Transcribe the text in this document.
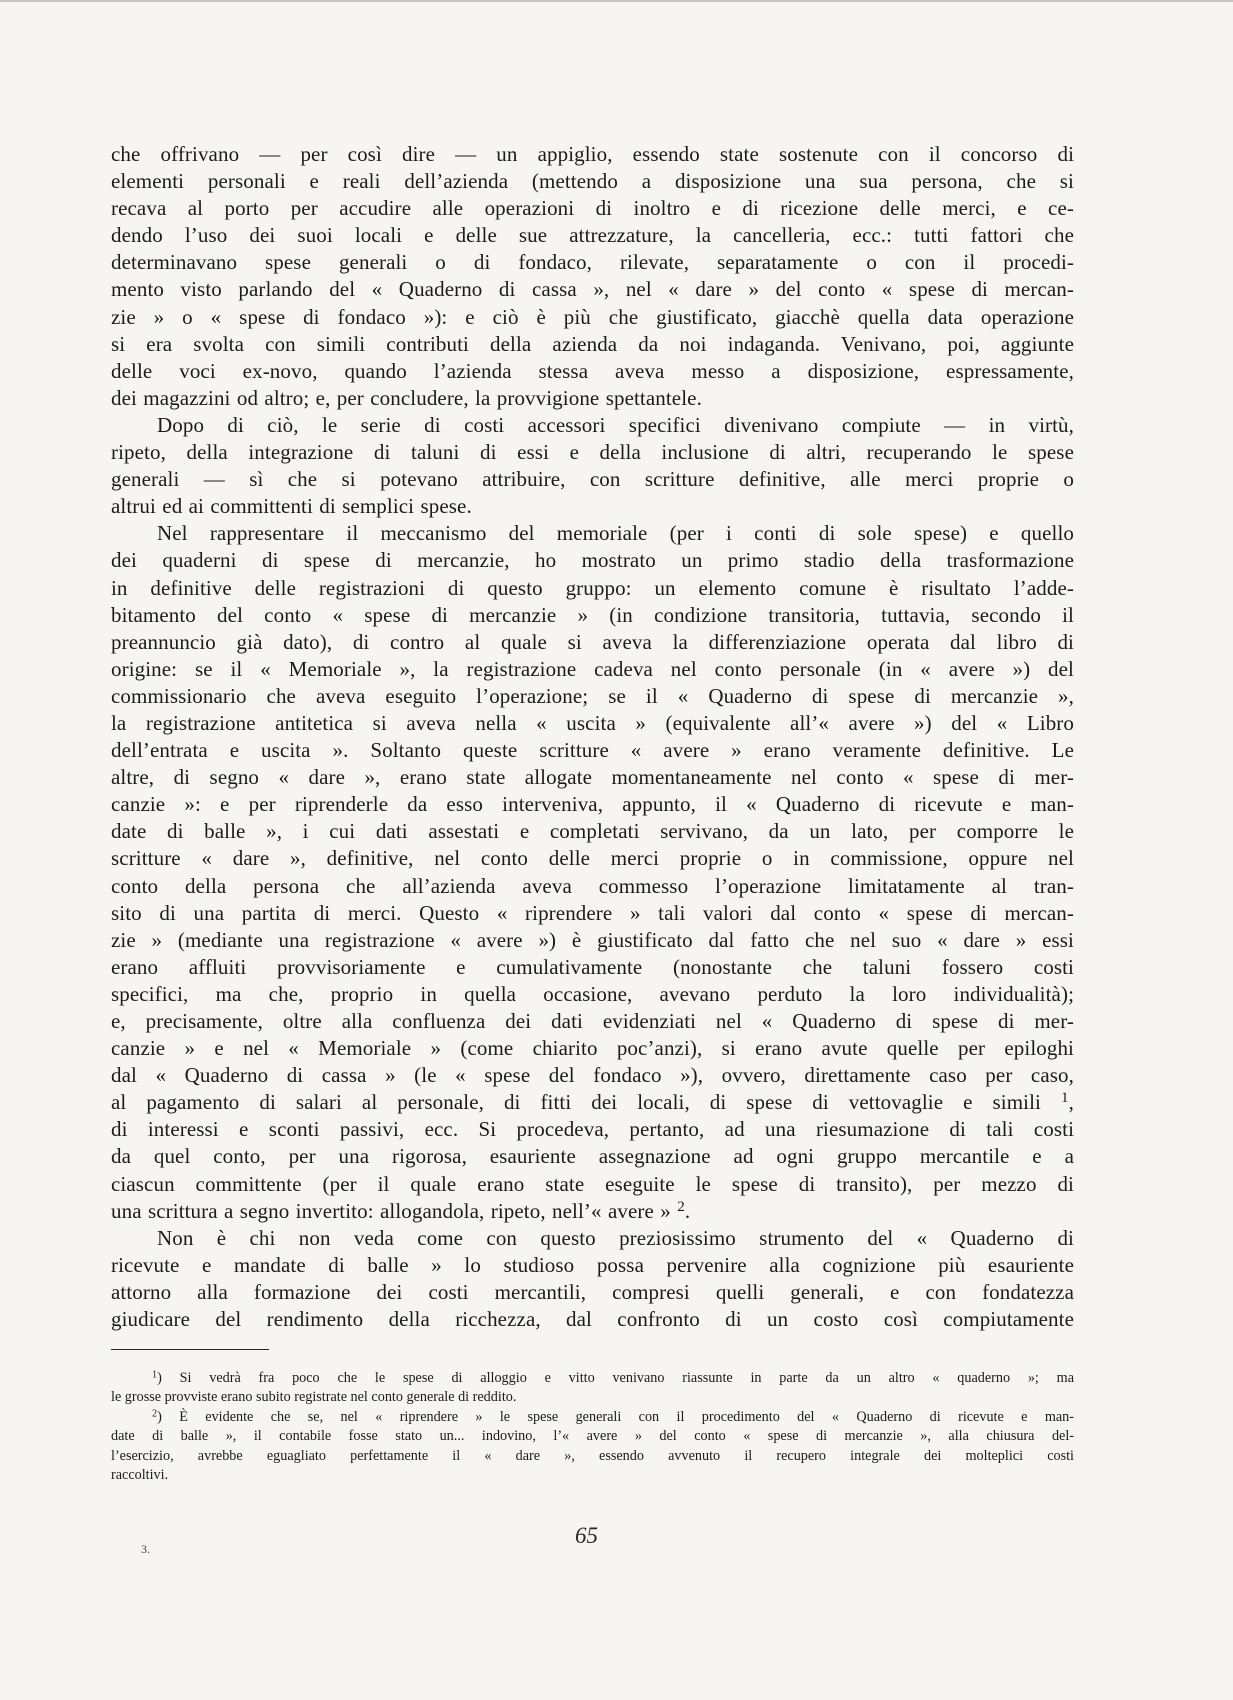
che offrivano — per così dire — un appiglio, essendo state sostenute con il concorso di
elementi personali e reali dell’azienda (mettendo a disposizione una sua persona, che si
recava al porto per accudire alle operazioni di inoltro e di ricezione delle merci, e ce-
dendo l’uso dei suoi locali e delle sue attrezzature, la cancelleria, ecc.: tutti fattori che
determinavano spese generali o di fondaco, rilevate, separatamente o con il procedi-
mento visto parlando del « Quaderno di cassa », nel « dare » del conto « spese di mercan-
zie » o « spese di fondaco »): e ciò è più che giustificato, giacchè quella data operazione
si era svolta con simili contributi della azienda da noi indaganda. Venivano, poi, aggiunte
delle voci ex-novo, quando l’azienda stessa aveva messo a disposizione, espressamente,
dei magazzini od altro; e, per concludere, la provvigione spettantele.

Dopo di ciò, le serie di costi accessori specifici divenivano compiute — in virtù,
ripeto, della integrazione di taluni di essi e della inclusione di altri, recuperando le spese
generali — sì che si potevano attribuire, con scritture definitive, alle merci proprie o
altrui ed ai committenti di semplici spese.

Nel rappresentare il meccanismo del memoriale (per i conti di sole spese) e quello
dei quaderni di spese di mercanzie, ho mostrato un primo stadio della trasformazione
in definitive delle registrazioni di questo gruppo: un elemento comune è risultato l’adde-
bitamento del conto « spese di mercanzie » (in condizione transitoria, tuttavia, secondo il
preannuncio già dato), di contro al quale si aveva la differenziazione operata dal libro di
origine: se il « Memoriale », la registrazione cadeva nel conto personale (in « avere ») del
commissionario che aveva eseguito l’operazione; se il « Quaderno di spese di mercanzie »,
la registrazione antitetica si aveva nella « uscita » (equivalente all’« avere ») del « Libro
dell’entrata e uscita ». Soltanto queste scritture « avere » erano veramente definitive. Le
altre, di segno « dare », erano state allogate momentaneamente nel conto « spese di mer-
canzie »: e per riprenderle da esso interveniva, appunto, il « Quaderno di ricevute e man-
date di balle », i cui dati assestati e completati servivano, da un lato, per comporre le
scritture « dare », definitive, nel conto delle merci proprie o in commissione, oppure nel
conto della persona che all’azienda aveva commesso l’operazione limitatamente al tran-
sito di una partita di merci. Questo « riprendere » tali valori dal conto « spese di mercan-
zie » (mediante una registrazione « avere ») è giustificato dal fatto che nel suo « dare » essi
erano affluiti provvisoriamente e cumulativamente (nonostante che taluni fossero costi
specifici, ma che, proprio in quella occasione, avevano perduto la loro individualità);
e, precisamente, oltre alla confluenza dei dati evidenziati nel « Quaderno di spese di mer-
canzie » e nel « Memoriale » (come chiarito poc’anzi), si erano avute quelle per epiloghi
dal « Quaderno di cassa » (le « spese del fondaco »), ovvero, direttamente caso per caso,
al pagamento di salari al personale, di fitti dei locali, di spese di vettovaglie e simili $^1$,
di interessi e sconti passivi, ecc. Si procedeva, pertanto, ad una riesumazione di tali costi
da quel conto, per una rigorosa, esauriente assegnazione ad ogni gruppo mercantile e a
ciascun committente (per il quale erano state eseguite le spese di transito), per mezzo di
una scrittura a segno invertito: allogandola, ripeto, nell’« avere » $^2$.

Non è chi non veda come con questo preziosissimo strumento del « Quaderno di
ricevute e mandate di balle » lo studioso possa pervenire alla cognizione più esauriente
attorno alla formazione dei costi mercantili, compresi quelli generali, e con fondatezza
giudicare del rendimento della ricchezza, dal confronto di un costo così compiutamente

$^1$) Si vedrà fra poco che le spese di alloggio e vitto venivano riassunte in parte da un altro « quaderno »; ma
le grosse provviste erano subito registrate nel conto generale di reddito.

$^2$) È evidente che se, nel « riprendere » le spese generali con il procedimento del « Quaderno di ricevute e man-
date di balle », il contabile fosse stato un... indovino, l’« avere » del conto « spese di mercanzie », alla chiusura del-
l’esercizio, avrebbe eguagliato perfettamente il « dare », essendo avvenuto il recupero integrale dei molteplici costi
raccoltivi.

65
3.
